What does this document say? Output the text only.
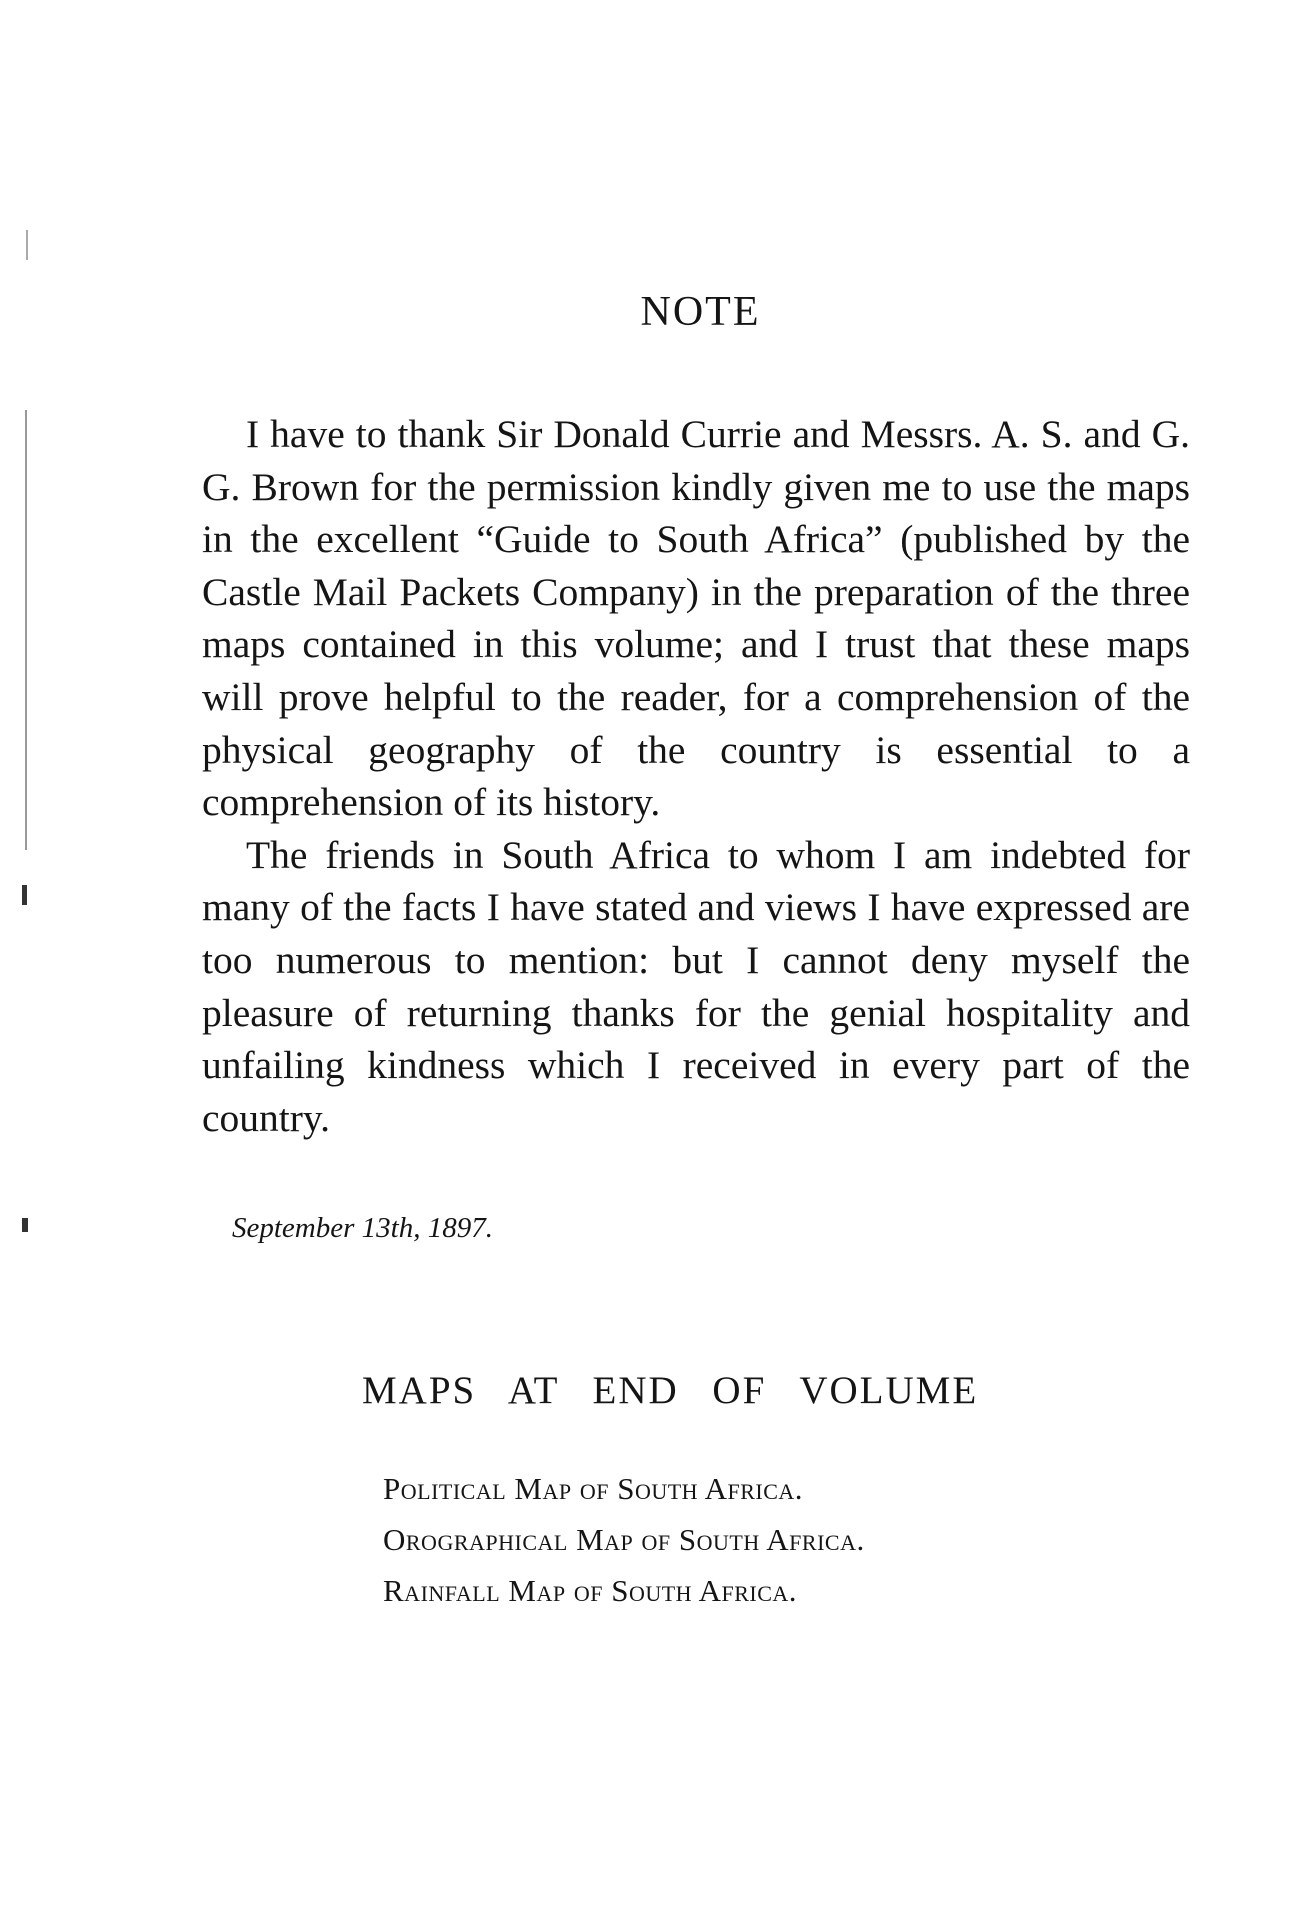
NOTE

I have to thank Sir Donald Currie and Messrs. A. S. and G. G. Brown for the permission kindly given me to use the maps in the excellent “Guide to South Africa” (published by the Castle Mail Packets Company) in the preparation of the three maps contained in this volume; and I trust that these maps will prove helpful to the reader, for a comprehension of the physical geography of the country is essential to a comprehension of its history.

The friends in South Africa to whom I am indebted for many of the facts I have stated and views I have expressed are too numerous to mention: but I cannot deny myself the pleasure of returning thanks for the genial hospitality and unfailing kindness which I received in every part of the country.

September 13th, 1897.
MAPS AT END OF VOLUME
Political Map of South Africa.
Orographical Map of South Africa.
Rainfall Map of South Africa.
